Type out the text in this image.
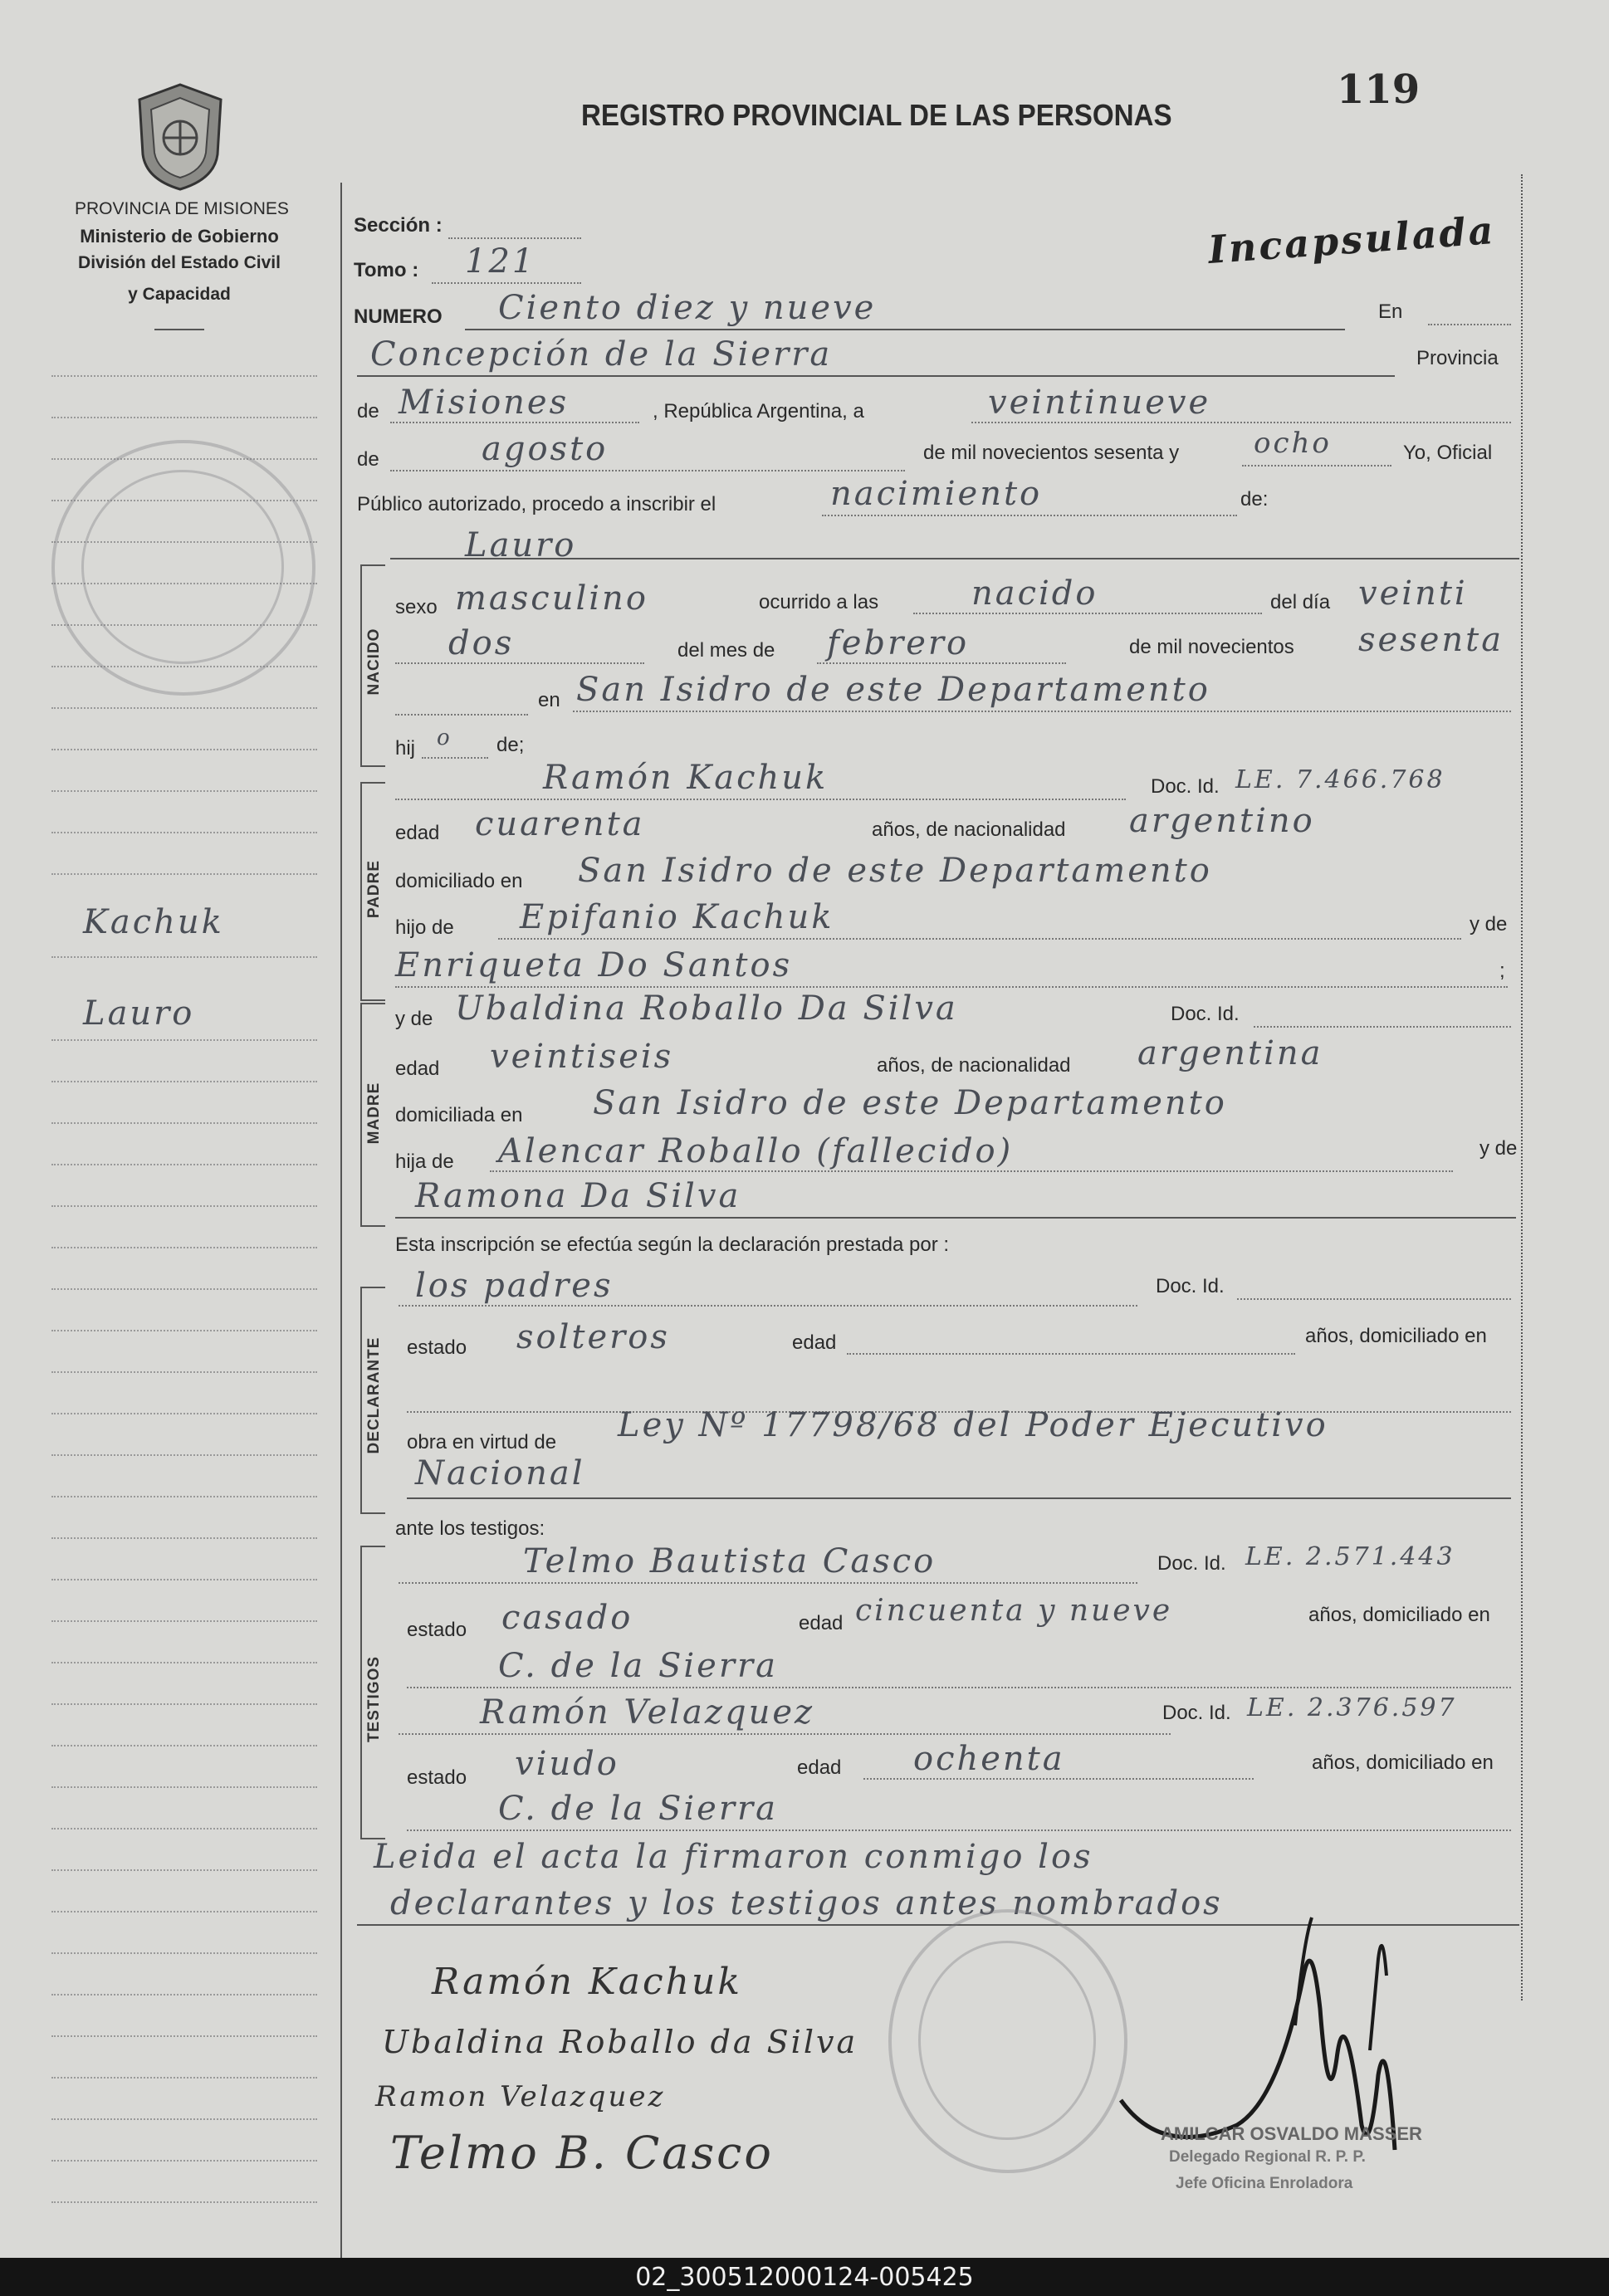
PROVINCIA DE MISIONES
Ministerio de Gobierno
División del Estado Civil
y Capacidad
Kachuk
Lauro
REGISTRO PROVINCIAL DE LAS PERSONAS
119
Incapsulada
Sección :
Tomo : 121
NUMERO Ciento diez y nueve	En
Concepción de la Sierra	Provincia
de Misiones	, República Argentina, a	veintinueve
de	agosto	de mil novecientos sesenta y	ocho	Yo, Oficial
Público autorizado, procedo a inscribir el	nacimiento	de:
Lauro
NACIDO
sexo masculino	ocurrido a las	nacido	del día veinti
dos	del mes de febrero	de mil novecientos sesenta
en San Isidro de este Departamento
hij o de;
PADRE
Ramón Kachuk	Doc. Id. LE. 7.466.768
edad cuarenta	años, de nacionalidad argentino
domiciliado en San Isidro de este Departamento
hijo de Epifanio Kachuk	y de
Enriqueta Do Santos	;
MADRE
y de Ubaldina Roballo Da Silva	Doc. Id.
edad veintiseis	años, de nacionalidad argentina
domiciliada en San Isidro de este Departamento
hija de Alencar Roballo (fallecido)	y de
Ramona Da Silva
Esta inscripción se efectúa según la declaración prestada por :
DECLARANTE
los padres	Doc. Id.
estado solteros	edad	años, domiciliado en
obra en virtud de Ley Nº 17798/68 del Poder Ejecutivo
Nacional
ante los testigos:
TESTIGOS
Telmo Bautista Casco	Doc. Id. LE. 2.571.443
estado casado	edad cincuenta y nueve	años, domiciliado en
C. de la Sierra
Ramón Velazquez	Doc. Id. LE. 2.376.597
estado viudo	edad ochenta	años, domiciliado en
C. de la Sierra
Leida el acta la firmaron conmigo los
declarantes y los testigos antes nombrados
Ramón Kachuk
Ubaldina Roballo da Silva
Ramon Velazquez
Telmo B. Casco	AMILCAR OSVALDO MASSER
Delegado Regional R. P. P.
Jefe Oficina Enroladora
02_300512000124-005425
